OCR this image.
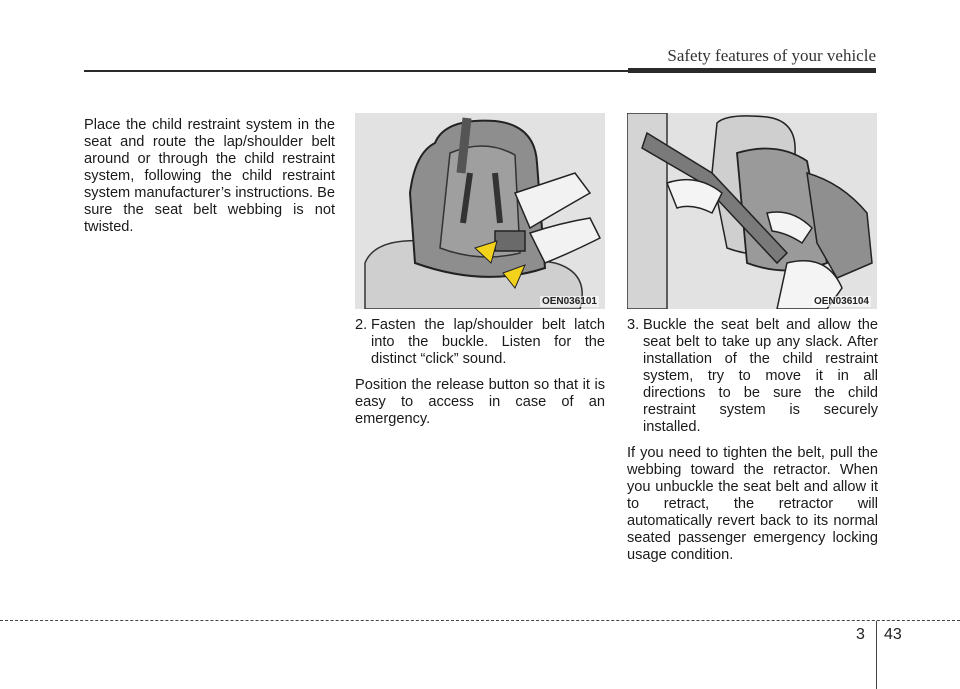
Safety features of your vehicle

Place the child restraint system in the seat and route the lap/shoulder belt around or through the child restraint system, following the child restraint system manufacturer’s instructions. Be sure the seat belt webbing is not twisted.

OEN036101	OEN036104
2. Fasten the lap/shoulder belt latch into the buckle. Listen for the distinct “click” sound.

Position the release button so that it is easy to access in case of an emergency.

3. Buckle the seat belt and allow the seat belt to take up any slack. After installation of the child restraint system, try to move it in all directions to be sure the child restraint system is securely installed.

If you need to tighten the belt, pull the webbing toward the retractor. When you unbuckle the seat belt and allow it to retract, the retractor will automatically revert back to its normal seated passenger emergency locking usage condition.

3 43
